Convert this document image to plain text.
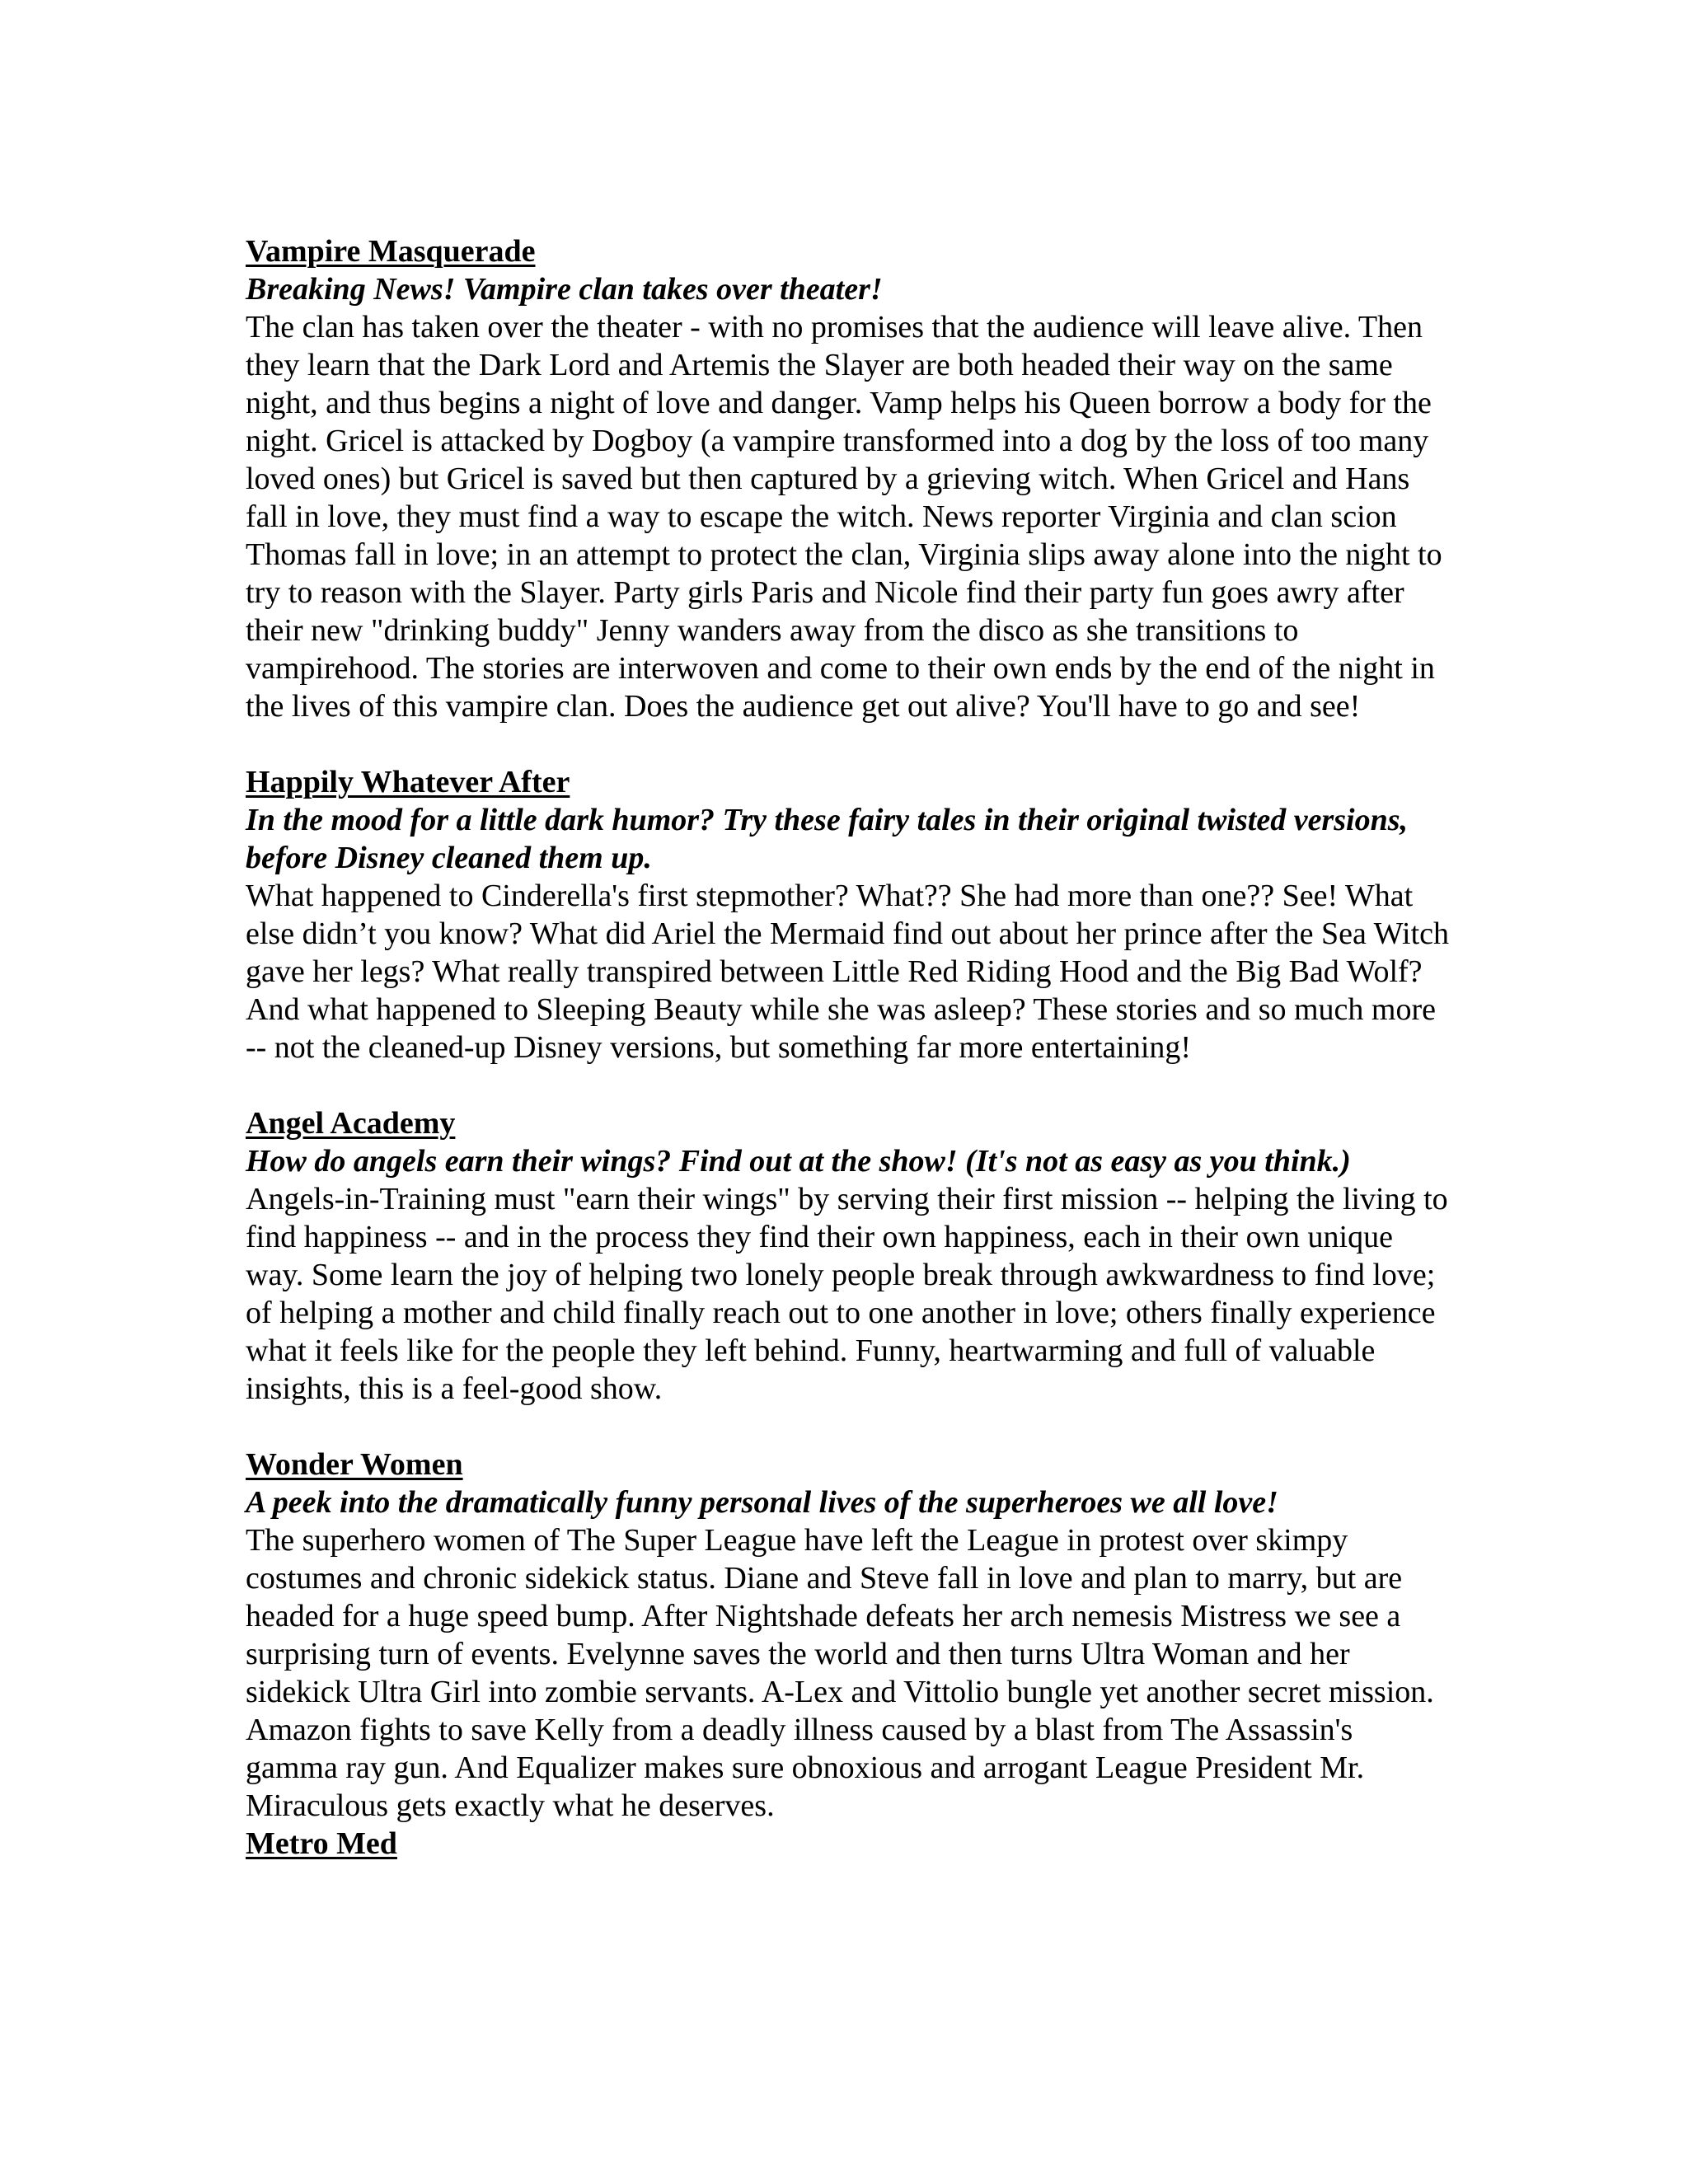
Vampire Masquerade
Breaking News! Vampire clan takes over theater!

The clan has taken over the theater - with no promises that the audience will leave alive. Then they learn that the Dark Lord and Artemis the Slayer are both headed their way on the same night, and thus begins a night of love and danger. Vamp helps his Queen borrow a body for the night. Gricel is attacked by Dogboy (a vampire transformed into a dog by the loss of too many loved ones) but Gricel is saved but then captured by a grieving witch. When Gricel and Hans fall in love, they must find a way to escape the witch. News reporter Virginia and clan scion Thomas fall in love; in an attempt to protect the clan, Virginia slips away alone into the night to try to reason with the Slayer. Party girls Paris and Nicole find their party fun goes awry after their new "drinking buddy" Jenny wanders away from the disco as she transitions to vampirehood. The stories are interwoven and come to their own ends by the end of the night in the lives of this vampire clan. Does the audience get out alive? You'll have to go and see!

Happily Whatever After
In the mood for a little dark humor? Try these fairy tales in their original twisted versions, before Disney cleaned them up.

What happened to Cinderella's first stepmother? What?? She had more than one?? See! What else didn’t you know? What did Ariel the Mermaid find out about her prince after the Sea Witch gave her legs? What really transpired between Little Red Riding Hood and the Big Bad Wolf? And what happened to Sleeping Beauty while she was asleep? These stories and so much more -- not the cleaned-up Disney versions, but something far more entertaining!

Angel Academy
How do angels earn their wings? Find out at the show! (It's not as easy as you think.)

Angels-in-Training must "earn their wings" by serving their first mission -- helping the living to find happiness -- and in the process they find their own happiness, each in their own unique way. Some learn the joy of helping two lonely people break through awkwardness to find love; of helping a mother and child finally reach out to one another in love; others finally experience what it feels like for the people they left behind. Funny, heartwarming and full of valuable insights, this is a feel-good show.

Wonder Women
A peek into the dramatically funny personal lives of the superheroes we all love!

The superhero women of The Super League have left the League in protest over skimpy costumes and chronic sidekick status. Diane and Steve fall in love and plan to marry, but are headed for a huge speed bump. After Nightshade defeats her arch nemesis Mistress we see a surprising turn of events. Evelynne saves the world and then turns Ultra Woman and her sidekick Ultra Girl into zombie servants. A-Lex and Vittolio bungle yet another secret mission. Amazon fights to save Kelly from a deadly illness caused by a blast from The Assassin's gamma ray gun. And Equalizer makes sure obnoxious and arrogant League President Mr. Miraculous gets exactly what he deserves.

Metro Med
